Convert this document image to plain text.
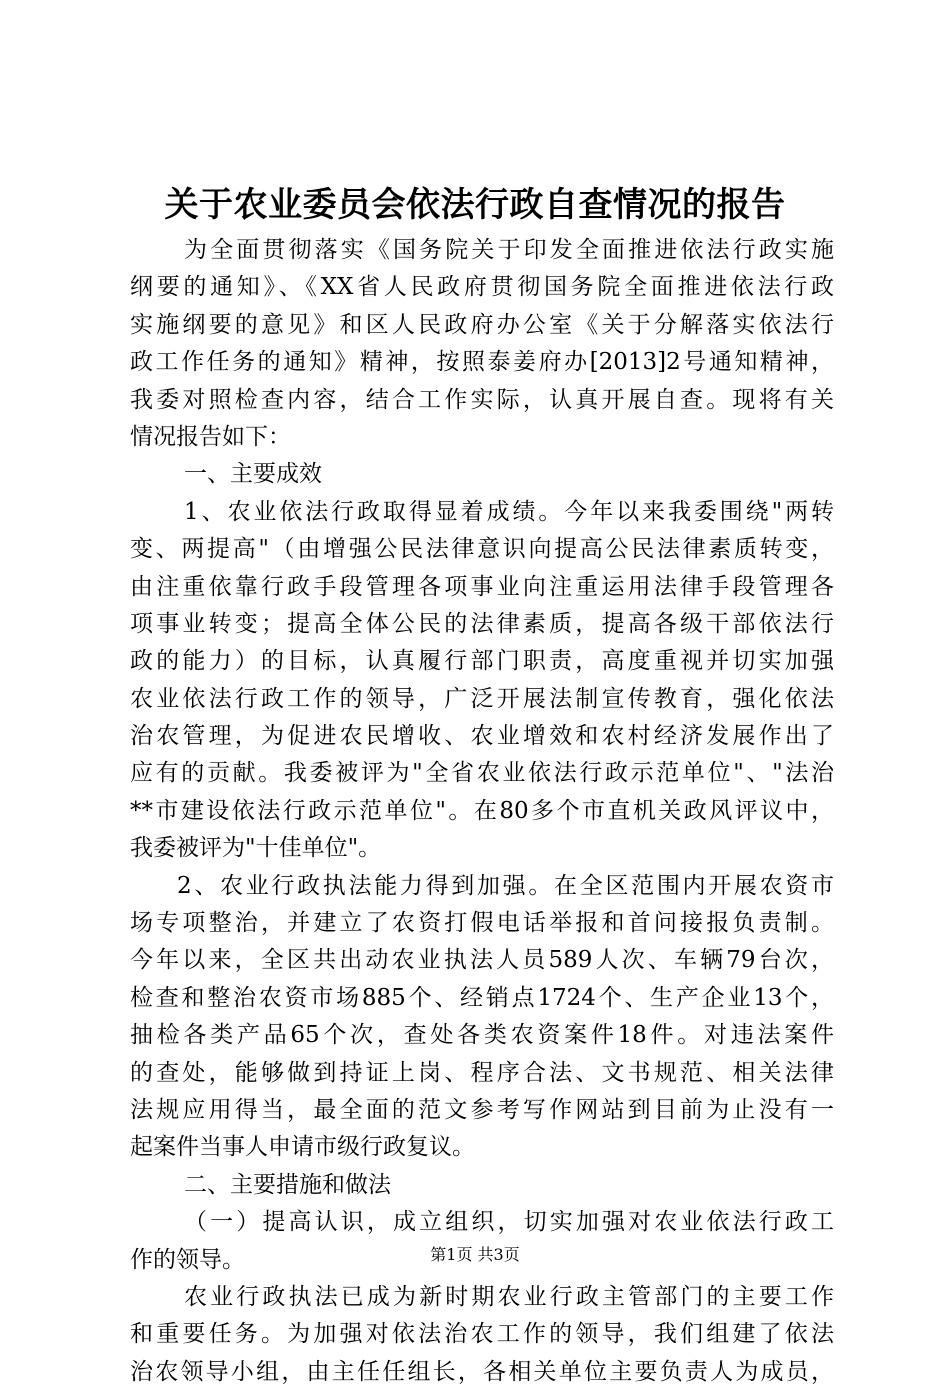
关于农业委员会依法行政自查情况的报告
为全面贯彻落实《国务院关于印发全面推进依法行政实施
纲要的通知》、《XX省人民政府贯彻国务院全面推进依法行政
实施纲要的意见》和区人民政府办公室《关于分解落实依法行
政工作任务的通知》精神，按照泰姜府办[2013]2号通知精神，
我委对照检查内容，结合工作实际，认真开展自查。现将有关
情况报告如下：
一、主要成效
1、农业依法行政取得显着成绩。今年以来我委围绕"两转
变、两提高"（由增强公民法律意识向提高公民法律素质转变，
由注重依靠行政手段管理各项事业向注重运用法律手段管理各
项事业转变；提高全体公民的法律素质，提高各级干部依法行
政的能力）的目标，认真履行部门职责，高度重视并切实加强
农业依法行政工作的领导，广泛开展法制宣传教育，强化依法
治农管理，为促进农民增收、农业增效和农村经济发展作出了
应有的贡献。我委被评为"全省农业依法行政示范单位"、"法治
**市建设依法行政示范单位"。在80多个市直机关政风评议中，
我委被评为"十佳单位"。
2、农业行政执法能力得到加强。在全区范围内开展农资市
场专项整治，并建立了农资打假电话举报和首问接报负责制。
今年以来，全区共出动农业执法人员589人次、车辆79台次，
检查和整治农资市场885个、经销点1724个、生产企业13个，
抽检各类产品65个次，查处各类农资案件18件。对违法案件
的查处，能够做到持证上岗、程序合法、文书规范、相关法律
法规应用得当，最全面的范文参考写作网站到目前为止没有一
起案件当事人申请市级行政复议。
二、主要措施和做法
（一）提高认识，成立组织，切实加强对农业依法行政工
作的领导。
农业行政执法已成为新时期农业行政主管部门的主要工作
和重要任务。为加强对依法治农工作的领导，我们组建了依法
治农领导小组，由主任任组长，各相关单位主要负责人为成员，
第1页 共3页
